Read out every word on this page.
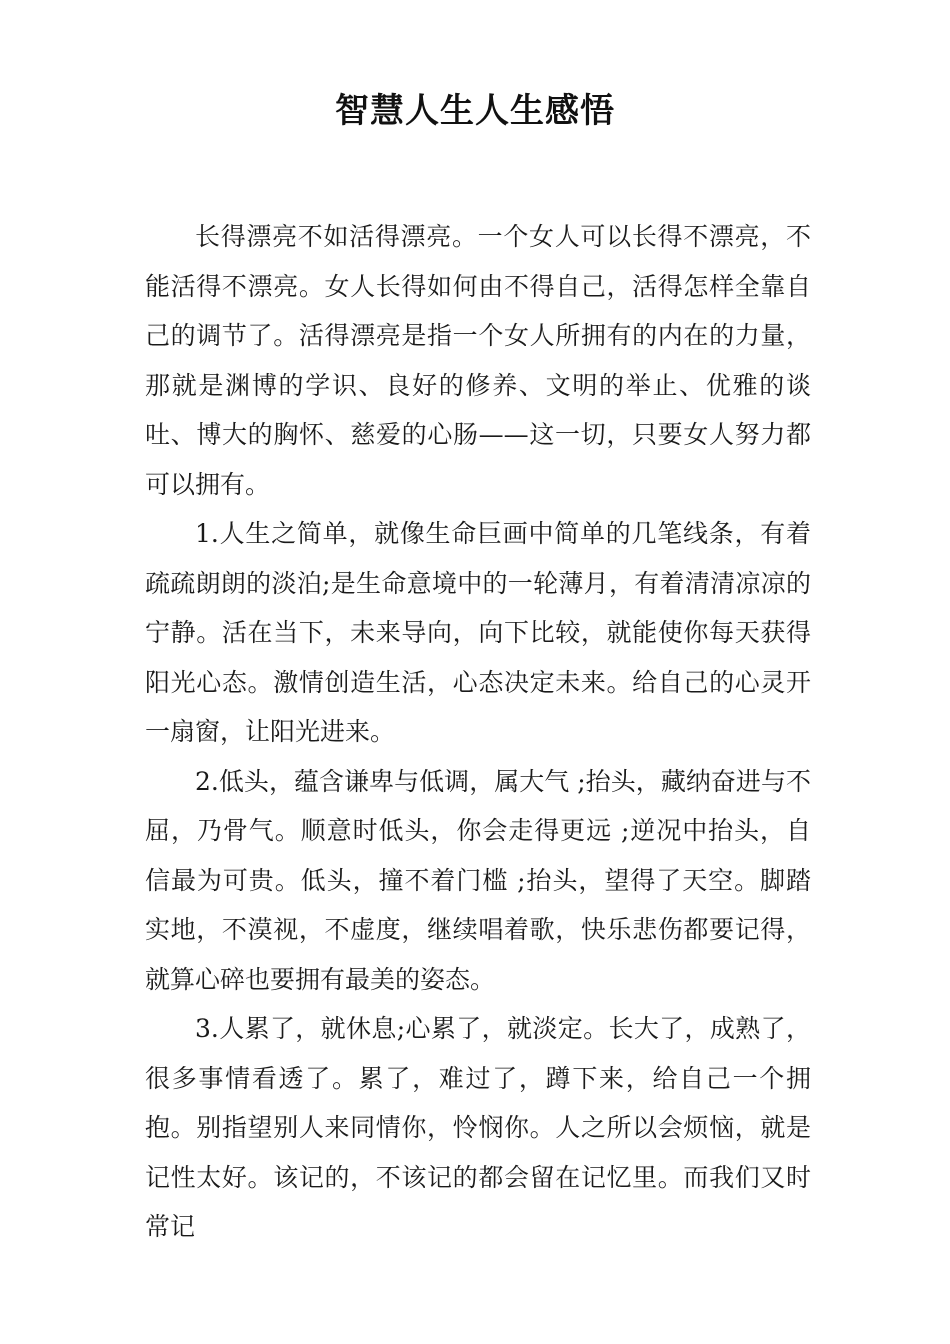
智慧人生人生感悟

长得漂亮不如活得漂亮。一个女人可以长得不漂亮，不能活得不漂亮。女人长得如何由不得自己，活得怎样全靠自己的调节了。活得漂亮是指一个女人所拥有的内在的力量，那就是渊博的学识、良好的修养、文明的举止、优雅的谈吐、博大的胸怀、慈爱的心肠——这一切，只要女人努力都可以拥有。

1.人生之简单，就像生命巨画中简单的几笔线条，有着疏疏朗朗的淡泊;是生命意境中的一轮薄月，有着清清凉凉的宁静。活在当下，未来导向，向下比较，就能使你每天获得阳光心态。激情创造生活，心态决定未来。给自己的心灵开一扇窗，让阳光进来。

2.低头，蕴含谦卑与低调，属大气 ;抬头，藏纳奋进与不屈，乃骨气。顺意时低头，你会走得更远 ;逆况中抬头，自信最为可贵。低头，撞不着门槛 ;抬头，望得了天空。脚踏实地，不漠视，不虚度，继续唱着歌，快乐悲伤都要记得，就算心碎也要拥有最美的姿态。

3.人累了，就休息;心累了，就淡定。长大了，成熟了，很多事情看透了。累了，难过了，蹲下来，给自己一个拥抱。别指望别人来同情你，怜悯你。人之所以会烦恼，就是记性太好。该记的，不该记的都会留在记忆里。而我们又时常记
